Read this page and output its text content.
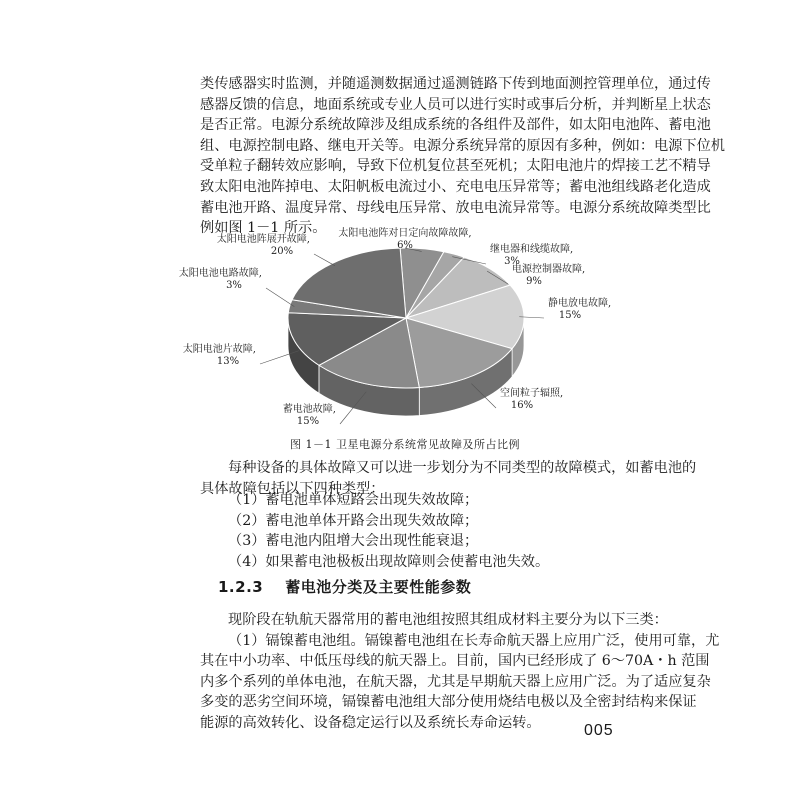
类传感器实时监测，并随遥测数据通过遥测链路下传到地面测控管理单位，通过传
感器反馈的信息，地面系统或专业人员可以进行实时或事后分析，并判断星上状态
是否正常。电源分系统故障涉及组成系统的各组件及部件，如太阳电池阵、蓄电池
组、电源控制电路、继电开关等。电源分系统异常的原因有多种，例如：电源下位机
受单粒子翻转效应影响，导致下位机复位甚至死机；太阳电池片的焊接工艺不精导
致太阳电池阵掉电、太阳帆板电流过小、充电电压异常等；蓄电池组线路老化造成
蓄电池开路、温度异常、母线电压异常、放电电流异常等。电源分系统故障类型比
例如图 1－1 所示。	太阳电池阵对日定向故障故障,
6%	继电器和线缆故障,
3%
电源控制器故障,
9%
静电放电故障,
15%
空间粒子辐照,
16%
蓄电池故障,
15%
太阳电池片故障,
13%
太阳电池电路故障,
3%
太阳电池阵展开故障,
20%
图 1－1 卫星电源分系统常见故障及所占比例
每种设备的具体故障又可以进一步划分为不同类型的故障模式，如蓄电池的
具体故障包括以下四种类型：
（1）蓄电池单体短路会出现失效故障；
（2）蓄电池单体开路会出现失效故障；
（3）蓄电池内阻增大会出现性能衰退；
（4）如果蓄电池极板出现故障则会使蓄电池失效。
1.2.3 蓄电池分类及主要性能参数
现阶段在轨航天器常用的蓄电池组按照其组成材料主要分为以下三类：
（1）镉镍蓄电池组。镉镍蓄电池组在长寿命航天器上应用广泛，使用可靠，尤
其在中小功率、中低压母线的航天器上。目前，国内已经形成了 6～70A・h 范围
内多个系列的单体电池，在航天器，尤其是早期航天器上应用广泛。为了适应复杂
多变的恶劣空间环境，镉镍蓄电池组大部分使用烧结电极以及全密封结构来保证
能源的高效转化、设备稳定运行以及系统长寿命运转。	005
